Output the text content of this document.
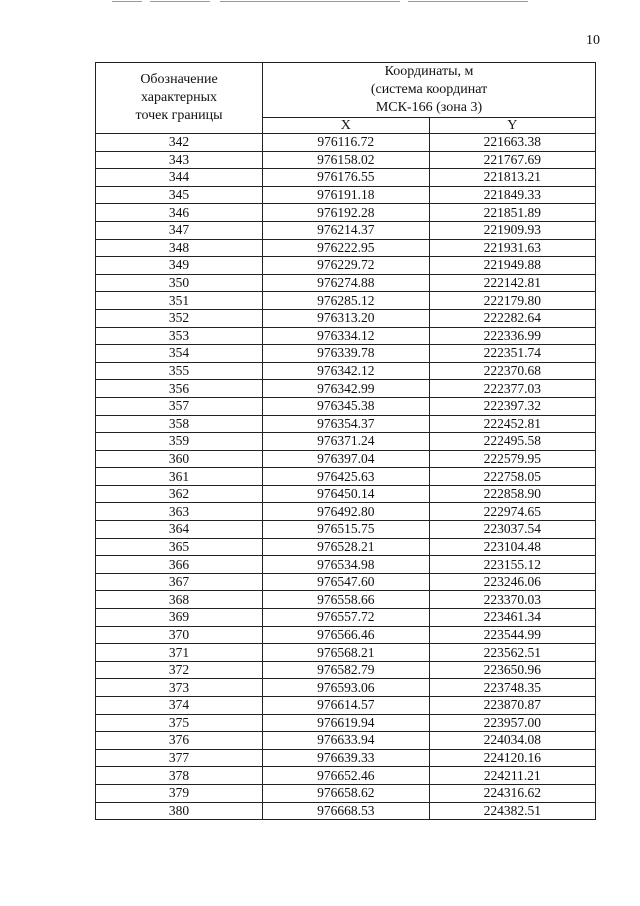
10
Обозначение
характерных
точек границы	Координаты, м
(система координат
МСК-166 (зона 3)	
	X	Y
342	976116.72	221663.38
343	976158.02	221767.69
344	976176.55	221813.21
345	976191.18	221849.33
346	976192.28	221851.89
347	976214.37	221909.93
348	976222.95	221931.63
349	976229.72	221949.88
350	976274.88	222142.81
351	976285.12	222179.80
352	976313.20	222282.64
353	976334.12	222336.99
354	976339.78	222351.74
355	976342.12	222370.68
356	976342.99	222377.03
357	976345.38	222397.32
358	976354.37	222452.81
359	976371.24	222495.58
360	976397.04	222579.95
361	976425.63	222758.05
362	976450.14	222858.90
363	976492.80	222974.65
364	976515.75	223037.54
365	976528.21	223104.48
366	976534.98	223155.12
367	976547.60	223246.06
368	976558.66	223370.03
369	976557.72	223461.34
370	976566.46	223544.99
371	976568.21	223562.51
372	976582.79	223650.96
373	976593.06	223748.35
374	976614.57	223870.87
375	976619.94	223957.00
376	976633.94	224034.08
377	976639.33	224120.16
378	976652.46	224211.21
379	976658.62	224316.62
380	976668.53	224382.51
